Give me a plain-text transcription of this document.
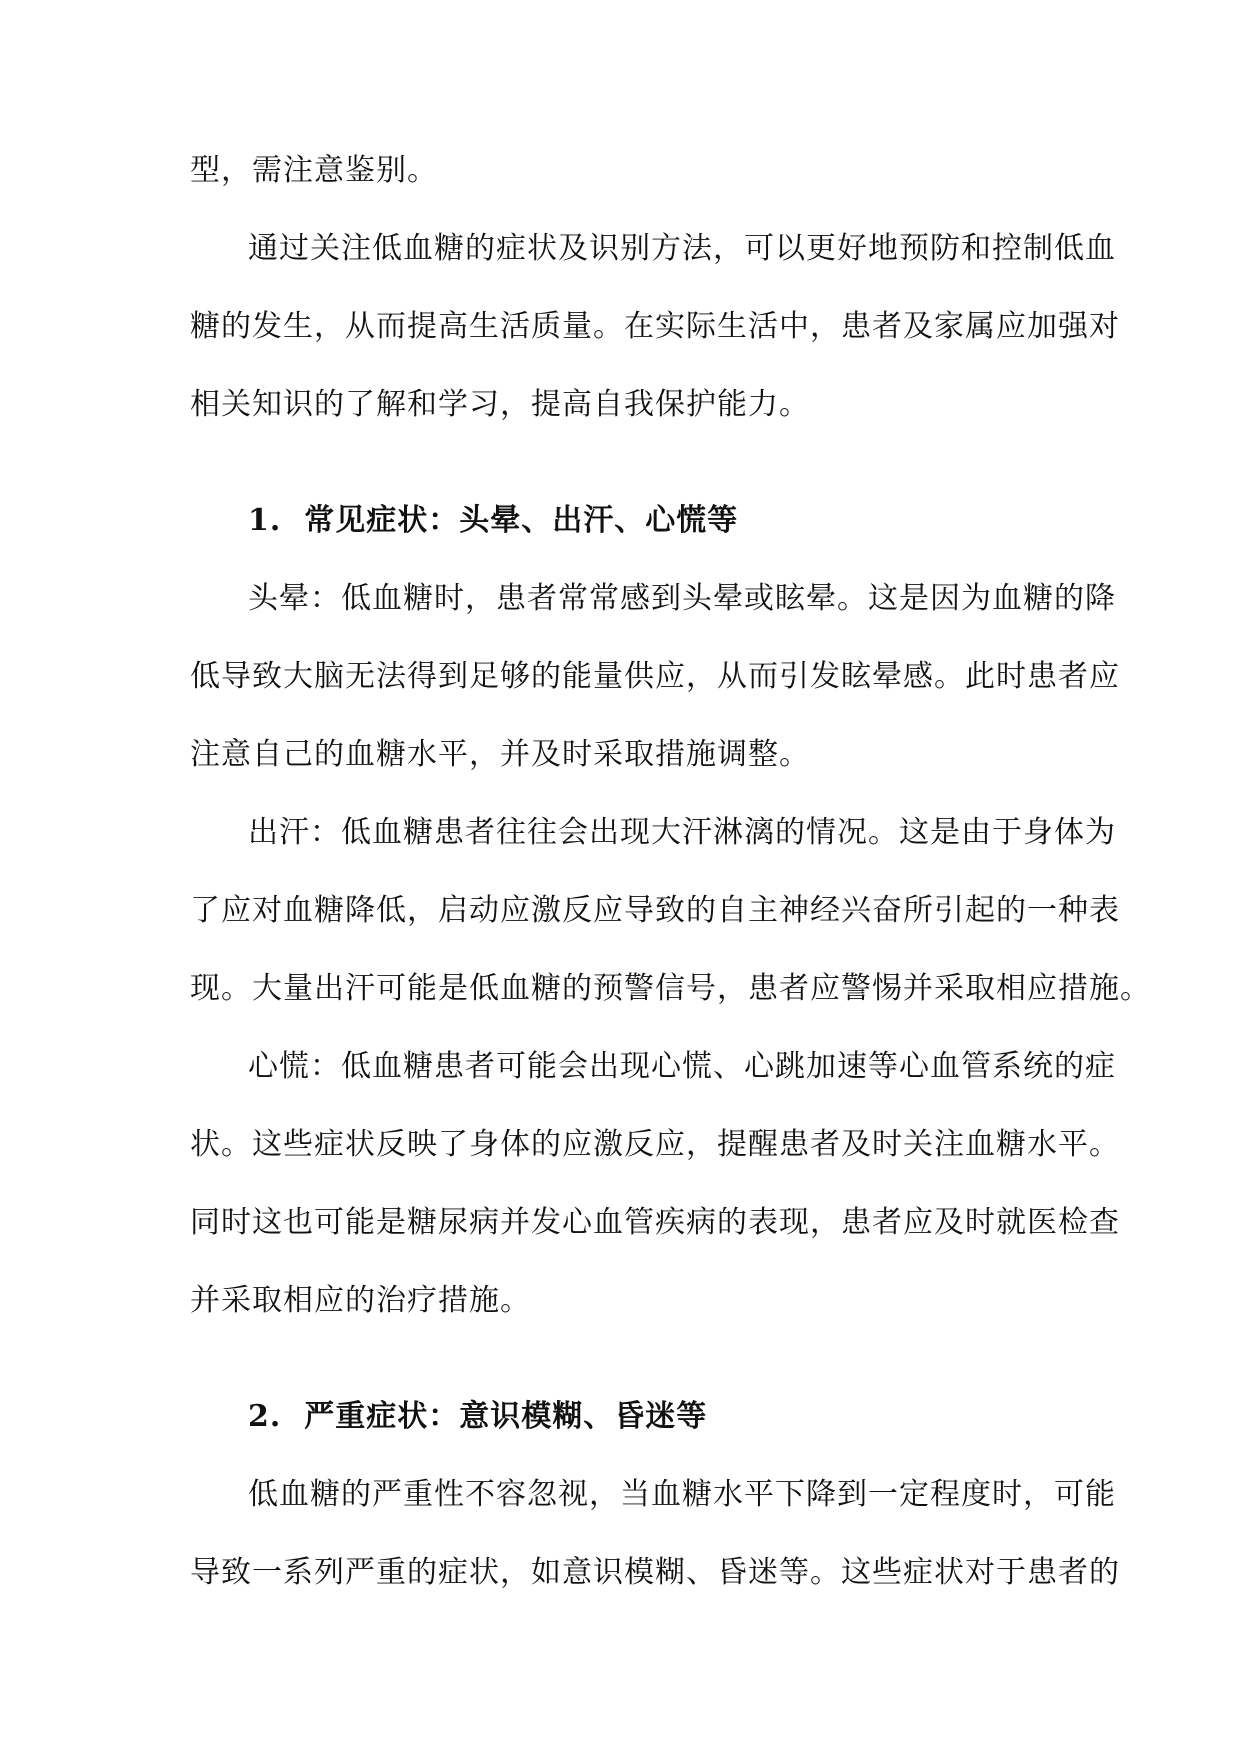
型，需注意鉴别。
通过关注低血糖的症状及识别方法，可以更好地预防和控制低血
糖的发生，从而提高生活质量。在实际生活中，患者及家属应加强对
相关知识的了解和学习，提高自我保护能力。
1. 常见症状：头晕、出汗、心慌等
头晕：低血糖时，患者常常感到头晕或眩晕。这是因为血糖的降
低导致大脑无法得到足够的能量供应，从而引发眩晕感。此时患者应
注意自己的血糖水平，并及时采取措施调整。
出汗：低血糖患者往往会出现大汗淋漓的情况。这是由于身体为
了应对血糖降低，启动应激反应导致的自主神经兴奋所引起的一种表
现。大量出汗可能是低血糖的预警信号，患者应警惕并采取相应措施。
心慌：低血糖患者可能会出现心慌、心跳加速等心血管系统的症
状。这些症状反映了身体的应激反应，提醒患者及时关注血糖水平。
同时这也可能是糖尿病并发心血管疾病的表现，患者应及时就医检查
并采取相应的治疗措施。
2. 严重症状：意识模糊、昏迷等
低血糖的严重性不容忽视，当血糖水平下降到一定程度时，可能
导致一系列严重的症状，如意识模糊、昏迷等。这些症状对于患者的
